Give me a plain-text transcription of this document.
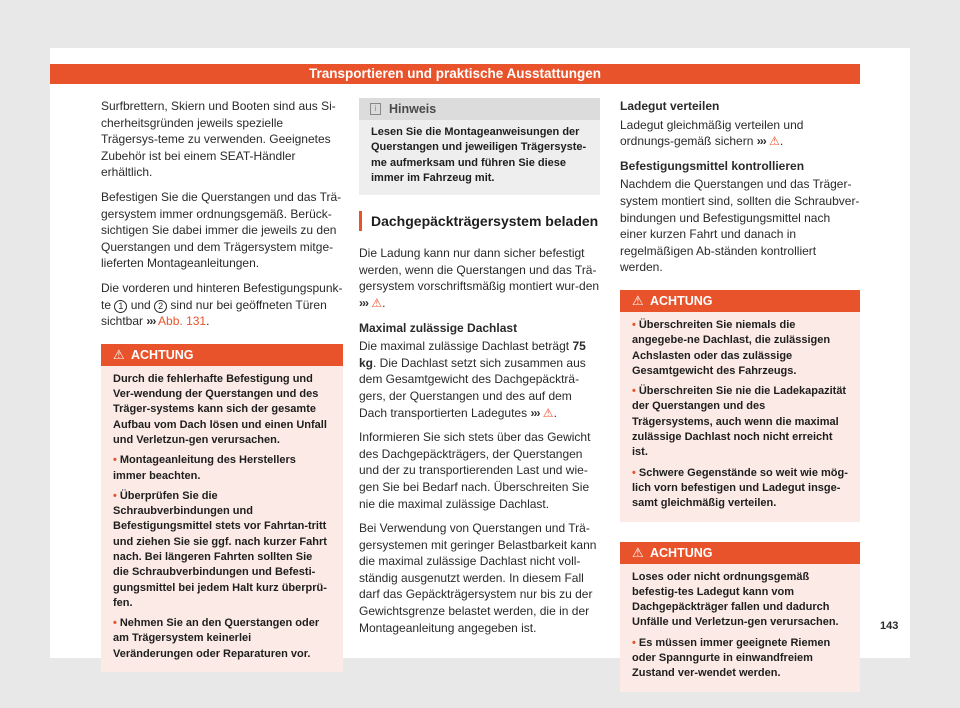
Transportieren und praktische Ausstattungen

Surfbrettern, Skiern und Booten sind aus Si-cherheitsgründen jeweils spezielle Trägersys-teme zu verwenden. Geeignetes Zubehör ist bei einem SEAT-Händler erhältlich.

Befestigen Sie die Querstangen und das Trä-gersystem immer ordnungsgemäß. Berück-sichtigen Sie dabei immer die jeweils zu den Querstangen und dem Trägersystem mitge-lieferten Montageanleitungen.

Die vorderen und hinteren Befestigungspunk-te 1 und 2 sind nur bei geöffneten Türen sichtbar ››› Abb. 131.

⚠ ACHTUNG

Durch die fehlerhafte Befestigung und Ver-wendung der Querstangen und des Träger-systems kann sich der gesamte Aufbau vom Dach lösen und einen Unfall und Verletzun-gen verursachen.

• Montageanleitung des Herstellers immer beachten.

• Überprüfen Sie die Schraubverbindungen und Befestigungsmittel stets vor Fahrtan-tritt und ziehen Sie sie ggf. nach kurzer Fahrt nach. Bei längeren Fahrten sollten Sie die Schraubverbindungen und Befesti-gungsmittel bei jedem Halt kurz überprü-fen.

• Nehmen Sie an den Querstangen oder am Trägersystem keinerlei Veränderungen oder Reparaturen vor.

i	Hinweis
Lesen Sie die Montageanweisungen der Querstangen und jeweiligen Trägersyste-me aufmerksam und führen Sie diese immer im Fahrzeug mit.
Dachgepäckträgersystem beladen

Die Ladung kann nur dann sicher befestigt werden, wenn die Querstangen und das Trä-gersystem vorschriftsmäßig montiert wur-den ››› ⚠.

Maximal zulässige Dachlast

Die maximal zulässige Dachlast beträgt 75 kg. Die Dachlast setzt sich zusammen aus dem Gesamtgewicht des Dachgepäckträ-gers, der Querstangen und des auf dem Dach transportierten Ladegutes ››› ⚠.

Informieren Sie sich stets über das Gewicht des Dachgepäckträgers, der Querstangen und der zu transportierenden Last und wie-gen Sie bei Bedarf nach. Überschreiten Sie nie die maximal zulässige Dachlast.

Bei Verwendung von Querstangen und Trä-gersystemen mit geringer Belastbarkeit kann die maximal zulässige Dachlast nicht voll-ständig ausgenutzt werden. In diesem Fall darf das Gepäckträgersystem nur bis zu der Gewichtsgrenze belastet werden, die in der Montageanleitung angegeben ist.

Ladegut verteilen

Ladegut gleichmäßig verteilen und ordnungs-gemäß sichern ››› ⚠.

Befestigungsmittel kontrollieren

Nachdem die Querstangen und das Träger-system montiert sind, sollten die Schraubver-bindungen und Befestigungsmittel nach einer kurzen Fahrt und danach in regelmäßigen Ab-ständen kontrolliert werden.

⚠ ACHTUNG

• Überschreiten Sie niemals die angegebe-ne Dachlast, die zulässigen Achslasten oder das zulässige Gesamtgewicht des Fahrzeugs.

• Überschreiten Sie nie die Ladekapazität der Querstangen und des Trägersystems, auch wenn die maximal zulässige Dachlast noch nicht erreicht ist.

• Schwere Gegenstände so weit wie mög-lich vorn befestigen und Ladegut insge-samt gleichmäßig verteilen.

⚠ ACHTUNG

Loses oder nicht ordnungsgemäß befestig-tes Ladegut kann vom Dachgepäckträger fallen und dadurch Unfälle und Verletzun-gen verursachen.

• Es müssen immer geeignete Riemen oder Spanngurte in einwandfreiem Zustand ver-wendet werden.

143
